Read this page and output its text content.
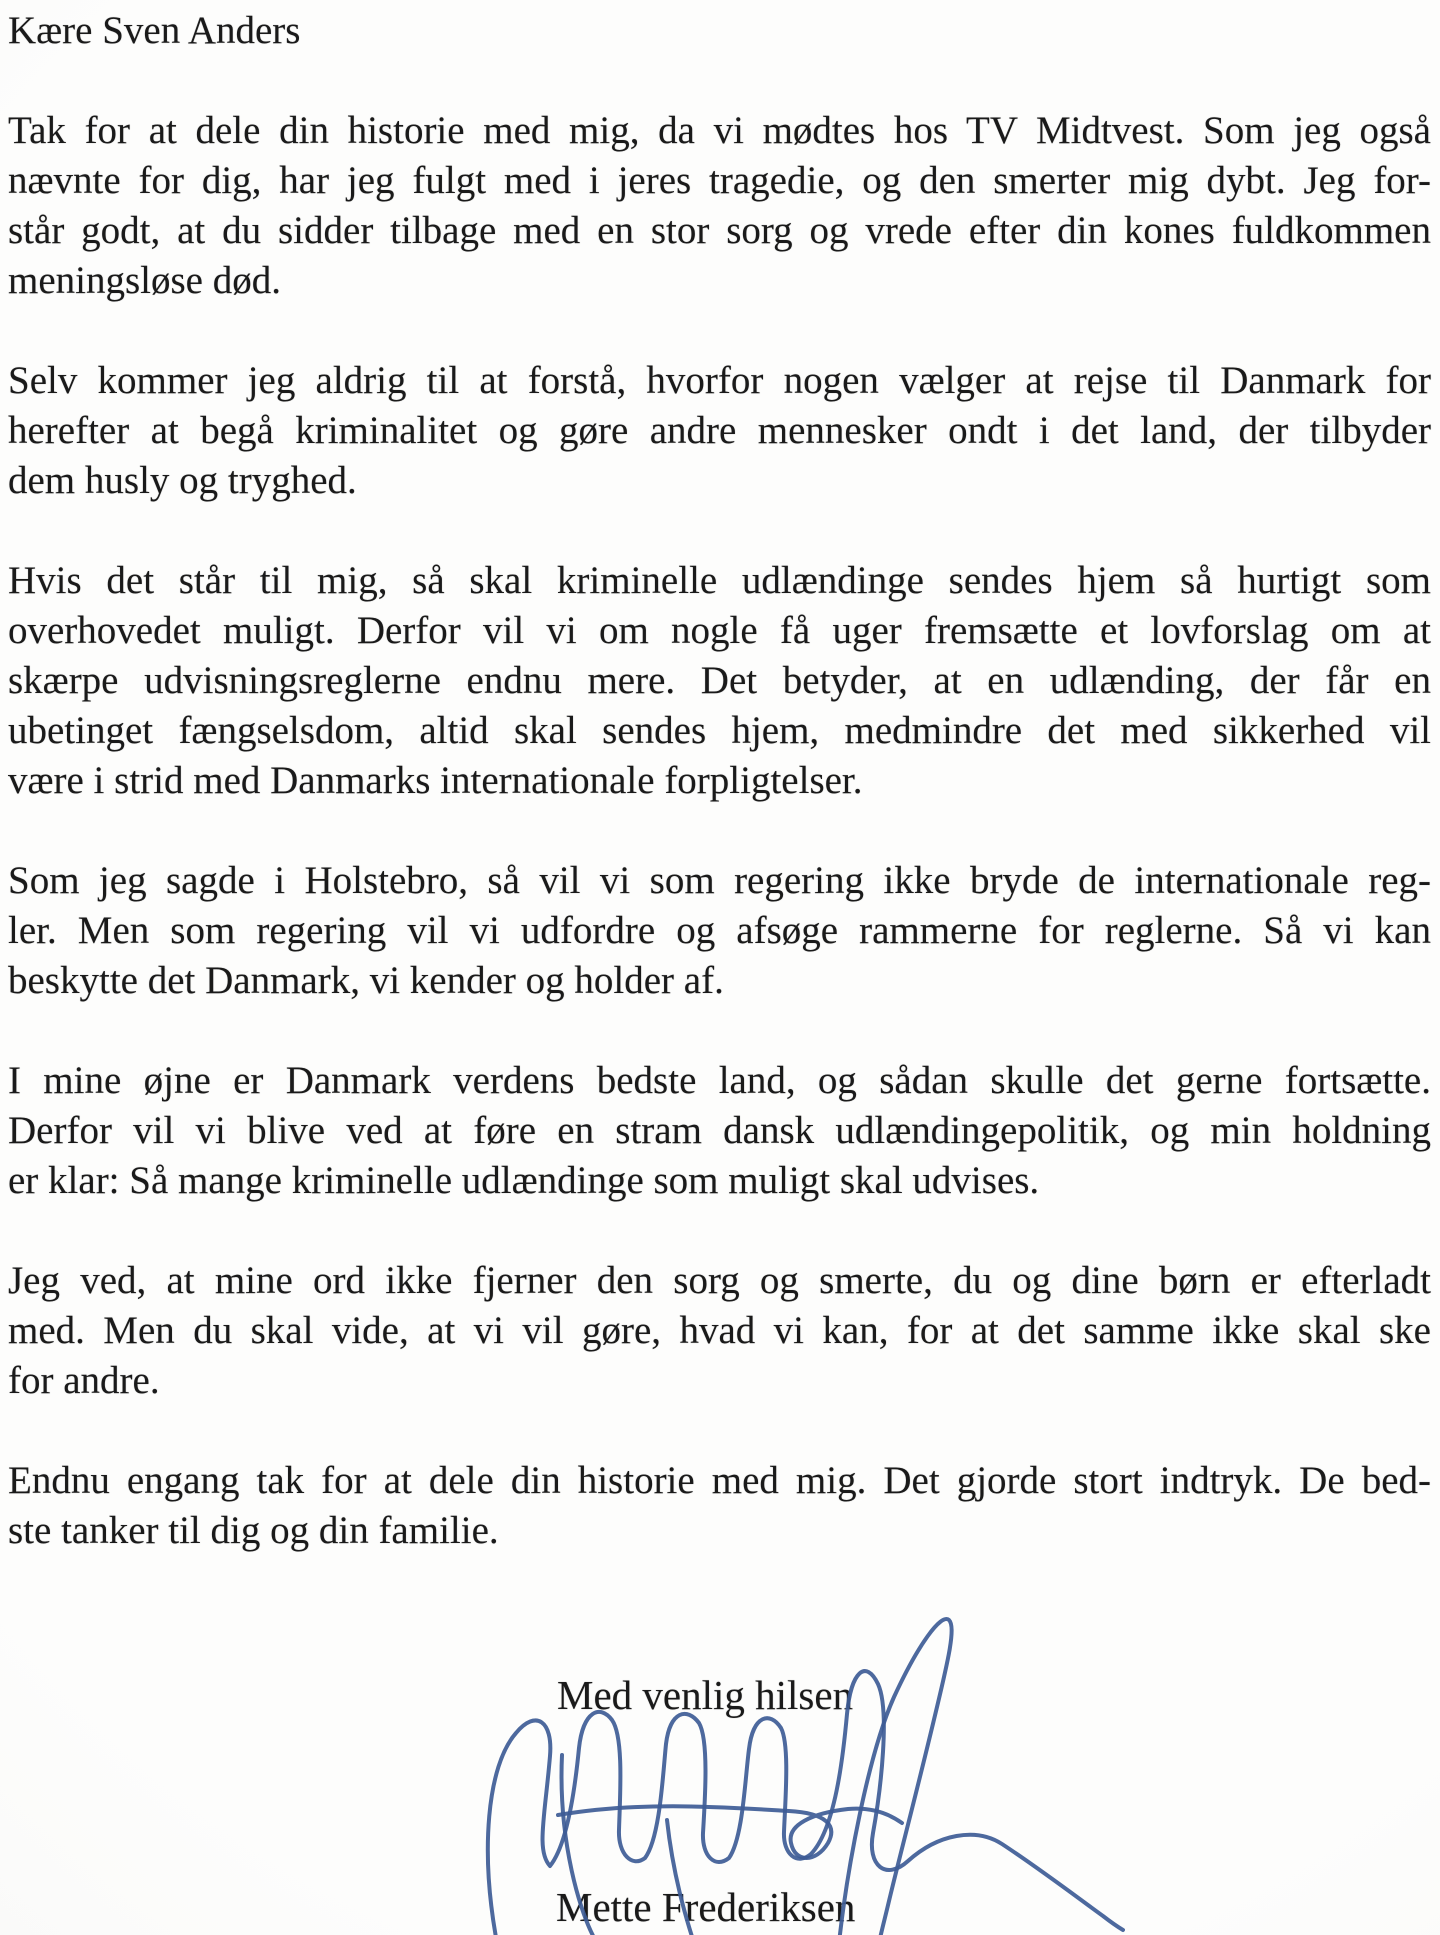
Kære Sven Anders
Tak for at dele din historie med mig, da vi mødtes hos TV Midtvest. Som jeg også
nævnte for dig, har jeg fulgt med i jeres tragedie, og den smerter mig dybt. Jeg for-
står godt, at du sidder tilbage med en stor sorg og vrede efter din kones fuldkommen
meningsløse død.
Selv kommer jeg aldrig til at forstå, hvorfor nogen vælger at rejse til Danmark for
herefter at begå kriminalitet og gøre andre mennesker ondt i det land, der tilbyder
dem husly og tryghed.
Hvis det står til mig, så skal kriminelle udlændinge sendes hjem så hurtigt som
overhovedet muligt. Derfor vil vi om nogle få uger fremsætte et lovforslag om at
skærpe udvisningsreglerne endnu mere. Det betyder, at en udlænding, der får en
ubetinget fængselsdom, altid skal sendes hjem, medmindre det med sikkerhed vil
være i strid med Danmarks internationale forpligtelser.
Som jeg sagde i Holstebro, så vil vi som regering ikke bryde de internationale reg-
ler. Men som regering vil vi udfordre og afsøge rammerne for reglerne. Så vi kan
beskytte det Danmark, vi kender og holder af.
I mine øjne er Danmark verdens bedste land, og sådan skulle det gerne fortsætte.
Derfor vil vi blive ved at føre en stram dansk udlændingepolitik, og min holdning
er klar: Så mange kriminelle udlændinge som muligt skal udvises.
Jeg ved, at mine ord ikke fjerner den sorg og smerte, du og dine børn er efterladt
med. Men du skal vide, at vi vil gøre, hvad vi kan, for at det samme ikke skal ske
for andre.
Endnu engang tak for at dele din historie med mig. Det gjorde stort indtryk. De bed-
ste tanker til dig og din familie.
Med venlig hilsen
Mette Frederiksen
